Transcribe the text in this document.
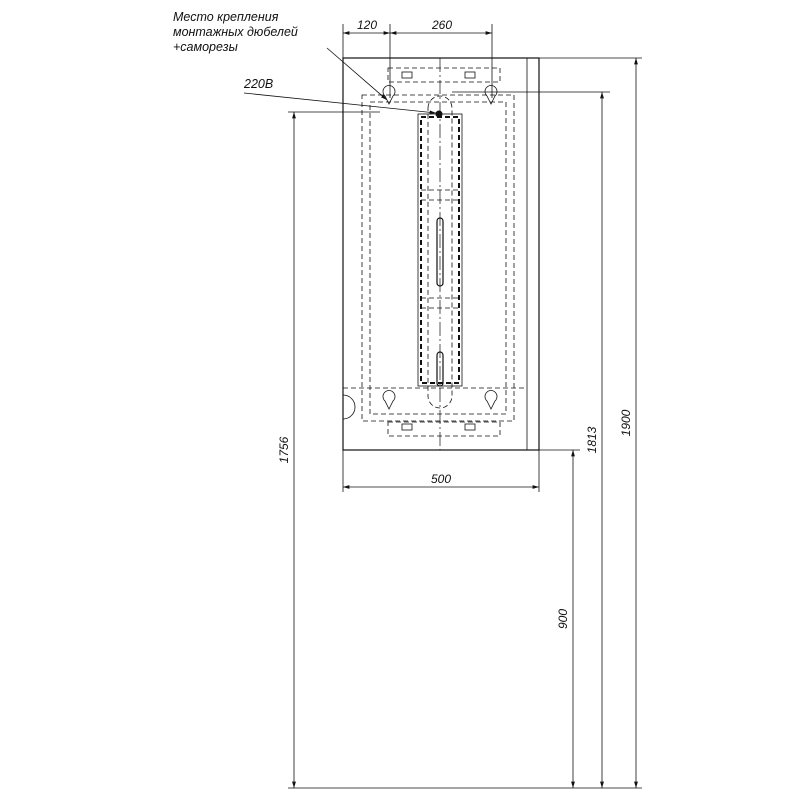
120	260
500
1756
900
1813
1900
Место крепления
монтажных дюбелей
+саморезы
220В
